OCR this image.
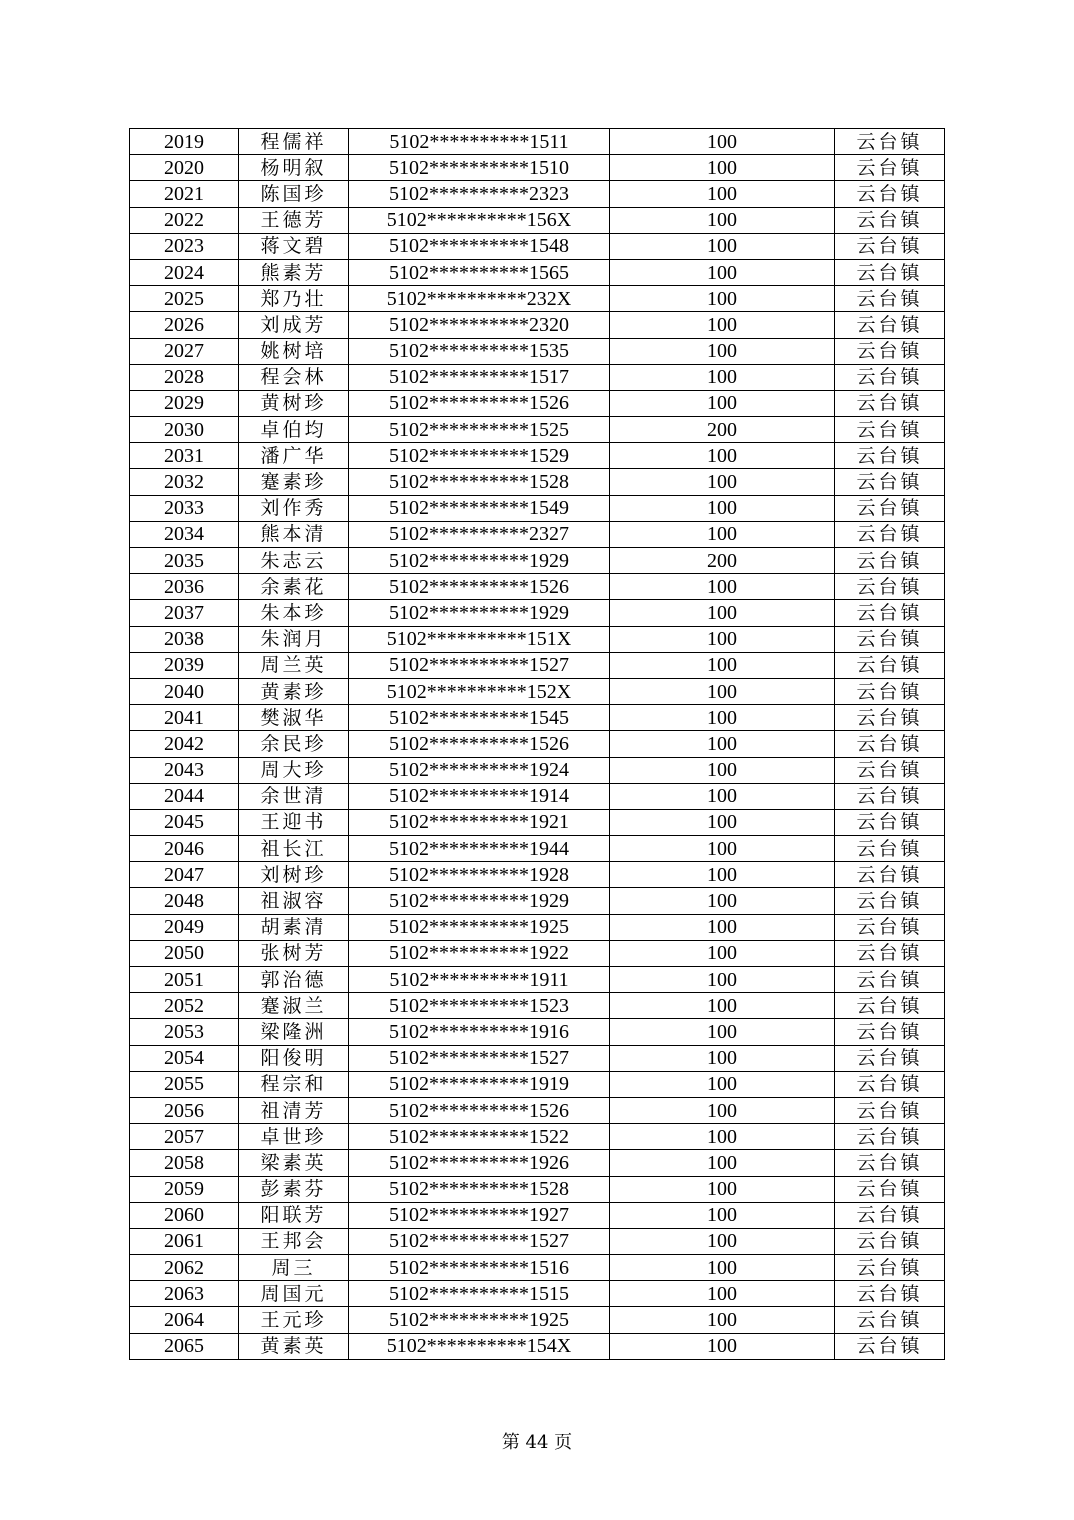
2019	程儒祥	5102**********1511	100	云台镇
2020	杨明叙	5102**********1510	100	云台镇
2021	陈国珍	5102**********2323	100	云台镇
2022	王德芳	5102**********156X	100	云台镇
2023	蒋文碧	5102**********1548	100	云台镇
2024	熊素芳	5102**********1565	100	云台镇
2025	郑乃壮	5102**********232X	100	云台镇
2026	刘成芳	5102**********2320	100	云台镇
2027	姚树培	5102**********1535	100	云台镇
2028	程会林	5102**********1517	100	云台镇
2029	黄树珍	5102**********1526	100	云台镇
2030	卓伯均	5102**********1525	200	云台镇
2031	潘广华	5102**********1529	100	云台镇
2032	蹇素珍	5102**********1528	100	云台镇
2033	刘作秀	5102**********1549	100	云台镇
2034	熊本清	5102**********2327	100	云台镇
2035	朱志云	5102**********1929	200	云台镇
2036	余素花	5102**********1526	100	云台镇
2037	朱本珍	5102**********1929	100	云台镇
2038	朱润月	5102**********151X	100	云台镇
2039	周兰英	5102**********1527	100	云台镇
2040	黄素珍	5102**********152X	100	云台镇
2041	樊淑华	5102**********1545	100	云台镇
2042	余民珍	5102**********1526	100	云台镇
2043	周大珍	5102**********1924	100	云台镇
2044	余世清	5102**********1914	100	云台镇
2045	王迎书	5102**********1921	100	云台镇
2046	祖长江	5102**********1944	100	云台镇
2047	刘树珍	5102**********1928	100	云台镇
2048	祖淑容	5102**********1929	100	云台镇
2049	胡素清	5102**********1925	100	云台镇
2050	张树芳	5102**********1922	100	云台镇
2051	郭治德	5102**********1911	100	云台镇
2052	蹇淑兰	5102**********1523	100	云台镇
2053	梁隆洲	5102**********1916	100	云台镇
2054	阳俊明	5102**********1527	100	云台镇
2055	程宗和	5102**********1919	100	云台镇
2056	祖清芳	5102**********1526	100	云台镇
2057	卓世珍	5102**********1522	100	云台镇
2058	梁素英	5102**********1926	100	云台镇
2059	彭素芬	5102**********1528	100	云台镇
2060	阳联芳	5102**********1927	100	云台镇
2061	王邦会	5102**********1527	100	云台镇
2062	周三	5102**********1516	100	云台镇
2063	周国元	5102**********1515	100	云台镇
2064	王元珍	5102**********1925	100	云台镇
2065	黄素英	5102**********154X	100	云台镇
第 44 页
